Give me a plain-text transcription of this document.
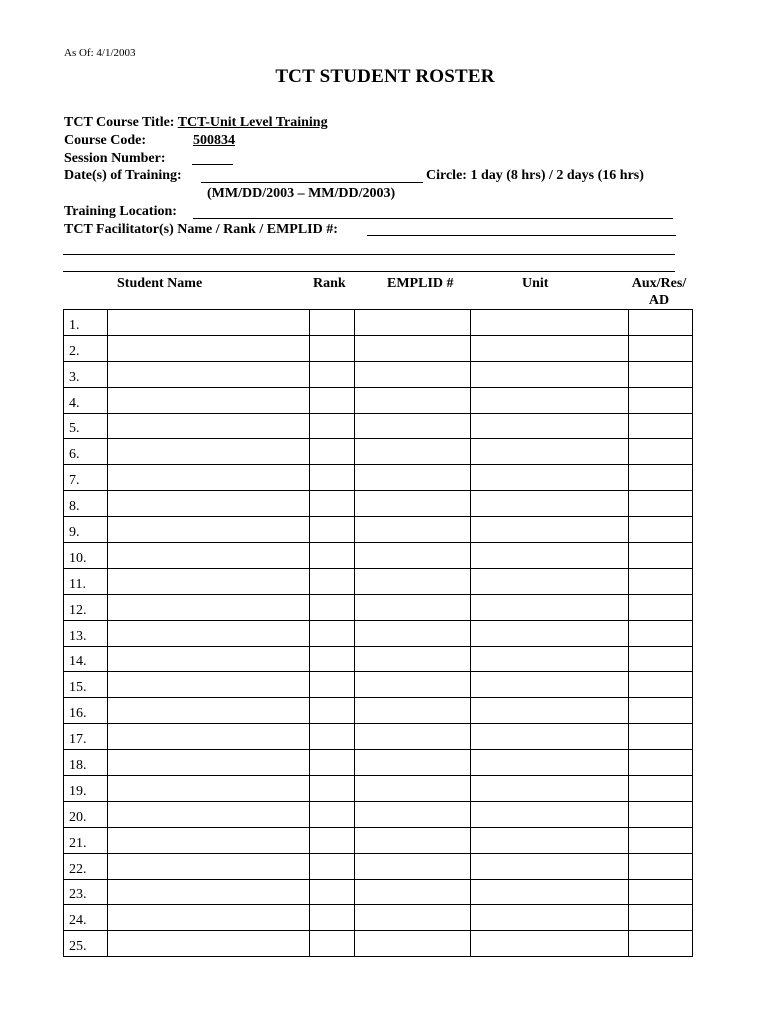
As Of: 4/1/2003
TCT STUDENT ROSTER
TCT Course Title: TCT-Unit Level Training
Course Code:	500834
Session Number:
Date(s) of Training:	Circle: 1 day (8 hrs) / 2 days (16 hrs)
(MM/DD/2003 – MM/DD/2003)
Training Location:
TCT Facilitator(s) Name / Rank / EMPLID #:
Student Name	Rank	EMPLID #	Unit	Aux/Res/
AD
1.					
2.					
3.					
4.					
5.					
6.					
7.					
8.					
9.					
10.					
11.					
12.					
13.					
14.					
15.					
16.					
17.					
18.					
19.					
20.					
21.					
22.					
23.					
24.					
25.					
